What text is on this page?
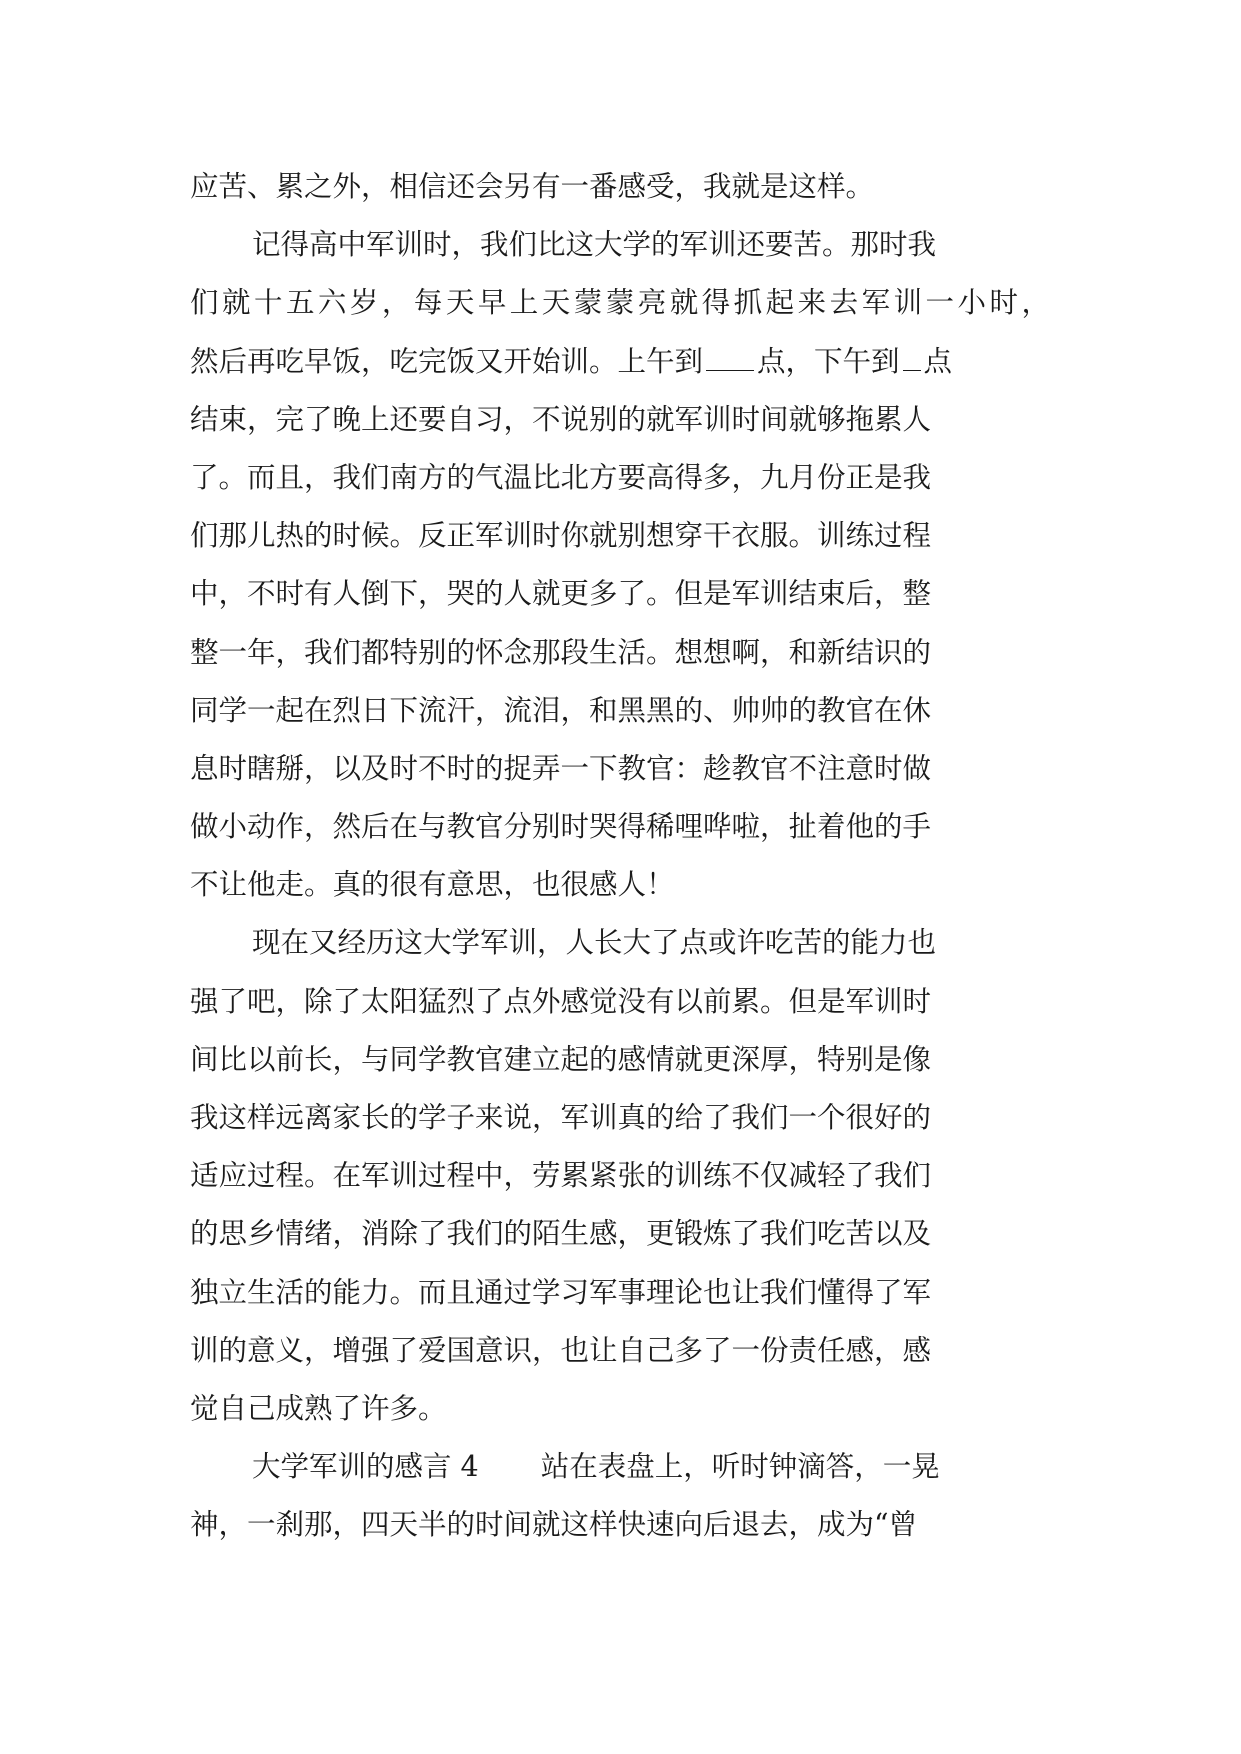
应苦、累之外，相信还会另有一番感受，我就是这样。
记得高中军训时，我们比这大学的军训还要苦。那时我
们就十五六岁，每天早上天蒙蒙亮就得抓起来去军训一小时，
然后再吃早饭，吃完饭又开始训。上午到 点，下午到 点
结束，完了晚上还要自习，不说别的就军训时间就够拖累人
了。而且，我们南方的气温比北方要高得多，九月份正是我
们那儿热的时候。反正军训时你就别想穿干衣服。训练过程
中，不时有人倒下，哭的人就更多了。但是军训结束后，整
整一年，我们都特别的怀念那段生活。想想啊，和新结识的
同学一起在烈日下流汗，流泪，和黑黑的、帅帅的教官在休
息时瞎掰，以及时不时的捉弄一下教官：趁教官不注意时做
做小动作，然后在与教官分别时哭得稀哩哗啦，扯着他的手
不让他走。真的很有意思，也很感人！
现在又经历这大学军训，人长大了点或许吃苦的能力也
强了吧，除了太阳猛烈了点外感觉没有以前累。但是军训时
间比以前长，与同学教官建立起的感情就更深厚，特别是像
我这样远离家长的学子来说，军训真的给了我们一个很好的
适应过程。在军训过程中，劳累紧张的训练不仅减轻了我们
的思乡情绪，消除了我们的陌生感，更锻炼了我们吃苦以及
独立生活的能力。而且通过学习军事理论也让我们懂得了军
训的意义，增强了爱国意识，也让自己多了一份责任感，感
觉自己成熟了许多。
大学军训的感言 4 站在表盘上，听时钟滴答，一晃
神，一刹那，四天半的时间就这样快速向后退去，成为“曾
